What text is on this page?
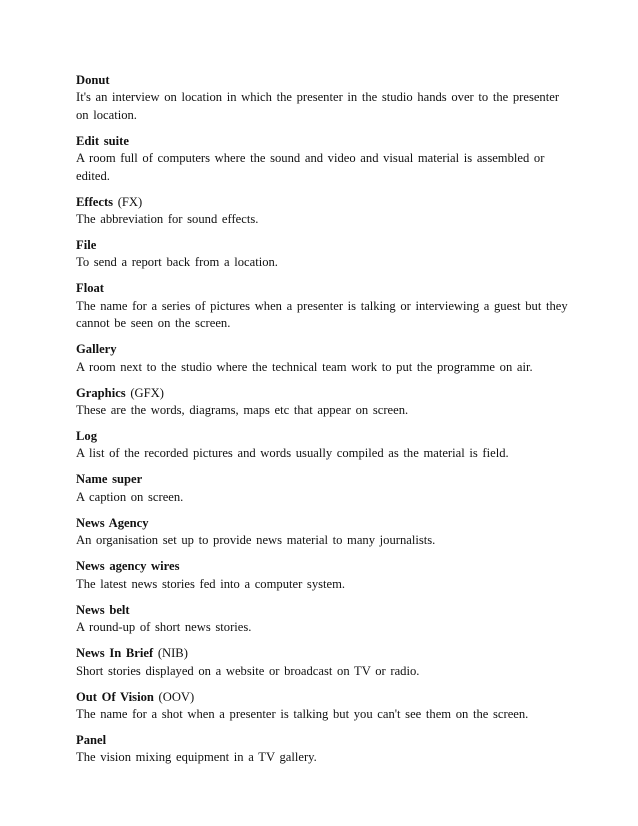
Donut
It's an interview on location in which the presenter in the studio hands over to the presenter on location.
Edit suite
A room full of computers where the sound and video and visual material is assembled or edited.
Effects (FX)
The abbreviation for sound effects.
File
To send a report back from a location.
Float
The name for a series of pictures when a presenter is talking or interviewing a guest but they cannot be seen on the screen.
Gallery
A room next to the studio where the technical team work to put the programme on air.
Graphics (GFX)
These are the words, diagrams, maps etc that appear on screen.
Log
A list of the recorded pictures and words usually compiled as the material is field.
Name super
A caption on screen.
News Agency
An organisation set up to provide news material to many journalists.
News agency wires
The latest news stories fed into a computer system.
News belt
A round-up of short news stories.
News In Brief (NIB)
Short stories displayed on a website or broadcast on TV or radio.
Out Of Vision (OOV)
The name for a shot when a presenter is talking but you can't see them on the screen.
Panel
The vision mixing equipment in a TV gallery.
